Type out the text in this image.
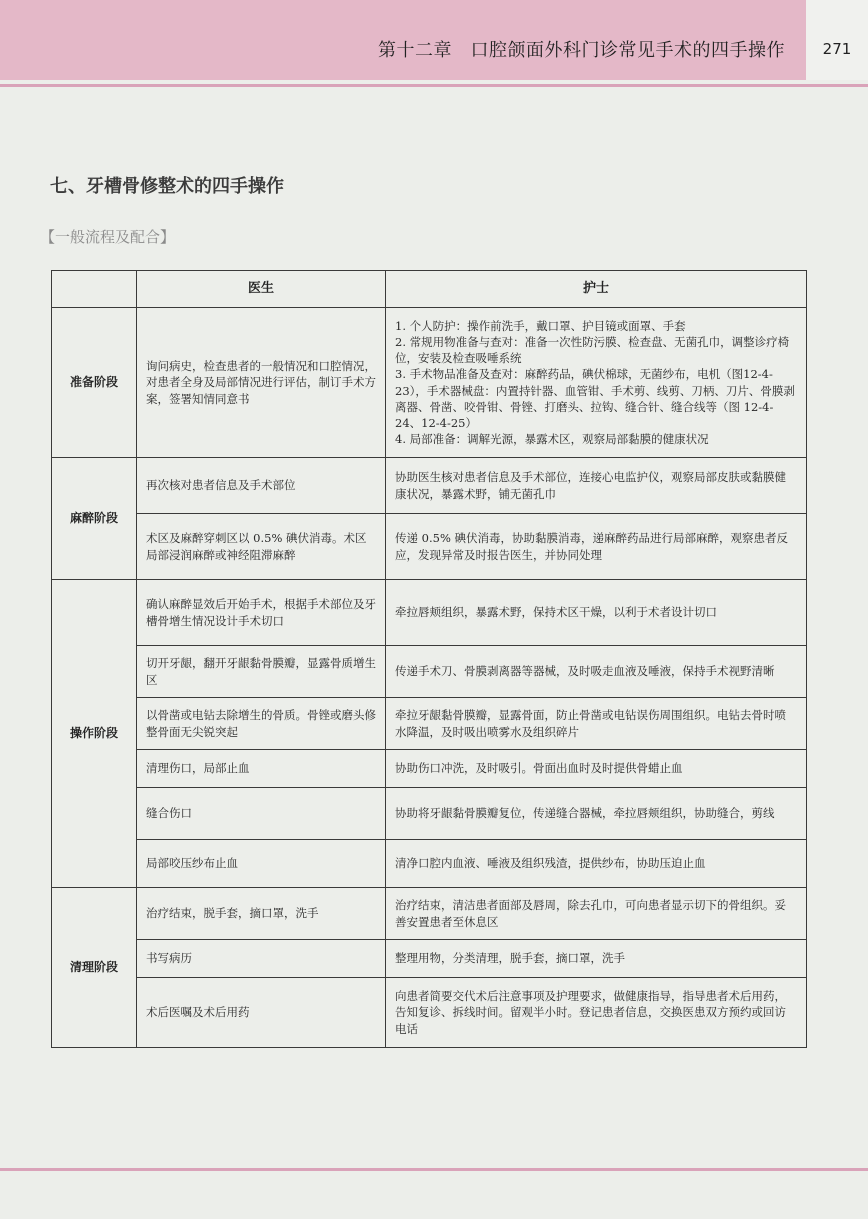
第十二章　口腔颌面外科门诊常见手术的四手操作	271
七、牙槽骨修整术的四手操作
【一般流程及配合】
	医生	护士
准备阶段	询问病史，检查患者的一般情况和口腔情况，对患者全身及局部情况进行评估，制订手术方案，签署知情同意书	1. 个人防护：操作前洗手，戴口罩、护目镜或面罩、手套
2. 常规用物准备与查对：准备一次性防污膜、检查盘、无菌孔巾，调整诊疗椅位，安装及检查吸唾系统
3. 手术物品准备及查对：麻醉药品，碘伏棉球，无菌纱布，电机（图12-4-23），手术器械盘：内置持针器、血管钳、手术剪、线剪、刀柄、刀片、骨膜剥离器、骨凿、咬骨钳、骨锉、打磨头、拉钩、缝合针、缝合线等（图 12-4-24、12-4-25）
4. 局部准备：调解光源，暴露术区，观察局部黏膜的健康状况
麻醉阶段	再次核对患者信息及手术部位	协助医生核对患者信息及手术部位，连接心电监护仪，观察局部皮肤或黏膜健康状况，暴露术野，铺无菌孔巾
	术区及麻醉穿刺区以 0.5% 碘伏消毒。术区局部浸润麻醉或神经阻滞麻醉	传递 0.5% 碘伏消毒，协助黏膜消毒，递麻醉药品进行局部麻醉，观察患者反应，发现异常及时报告医生，并协同处理
操作阶段	确认麻醉显效后开始手术，根据手术部位及牙槽骨增生情况设计手术切口	牵拉唇颊组织，暴露术野，保持术区干燥，以利于术者设计切口
	切开牙龈，翻开牙龈黏骨膜瓣，显露骨质增生区	传递手术刀、骨膜剥离器等器械，及时吸走血液及唾液，保持手术视野清晰
	以骨凿或电钻去除增生的骨质。骨锉或磨头修整骨面无尖锐突起	牵拉牙龈黏骨膜瓣，显露骨面，防止骨凿或电钻误伤周围组织。电钻去骨时喷水降温，及时吸出喷雾水及组织碎片
	清理伤口，局部止血	协助伤口冲洗，及时吸引。骨面出血时及时提供骨蜡止血
	缝合伤口	协助将牙龈黏骨膜瓣复位，传递缝合器械，牵拉唇颊组织，协助缝合，剪线
	局部咬压纱布止血	清净口腔内血液、唾液及组织残渣，提供纱布，协助压迫止血
清理阶段	治疗结束，脱手套，摘口罩，洗手	治疗结束，清洁患者面部及唇周，除去孔巾，可向患者显示切下的骨组织。妥善安置患者至休息区
	书写病历	整理用物，分类清理，脱手套，摘口罩，洗手
	术后医嘱及术后用药	向患者简要交代术后注意事项及护理要求，做健康指导，指导患者术后用药，告知复诊、拆线时间。留观半小时。登记患者信息，交换医患双方预约或回访电话
